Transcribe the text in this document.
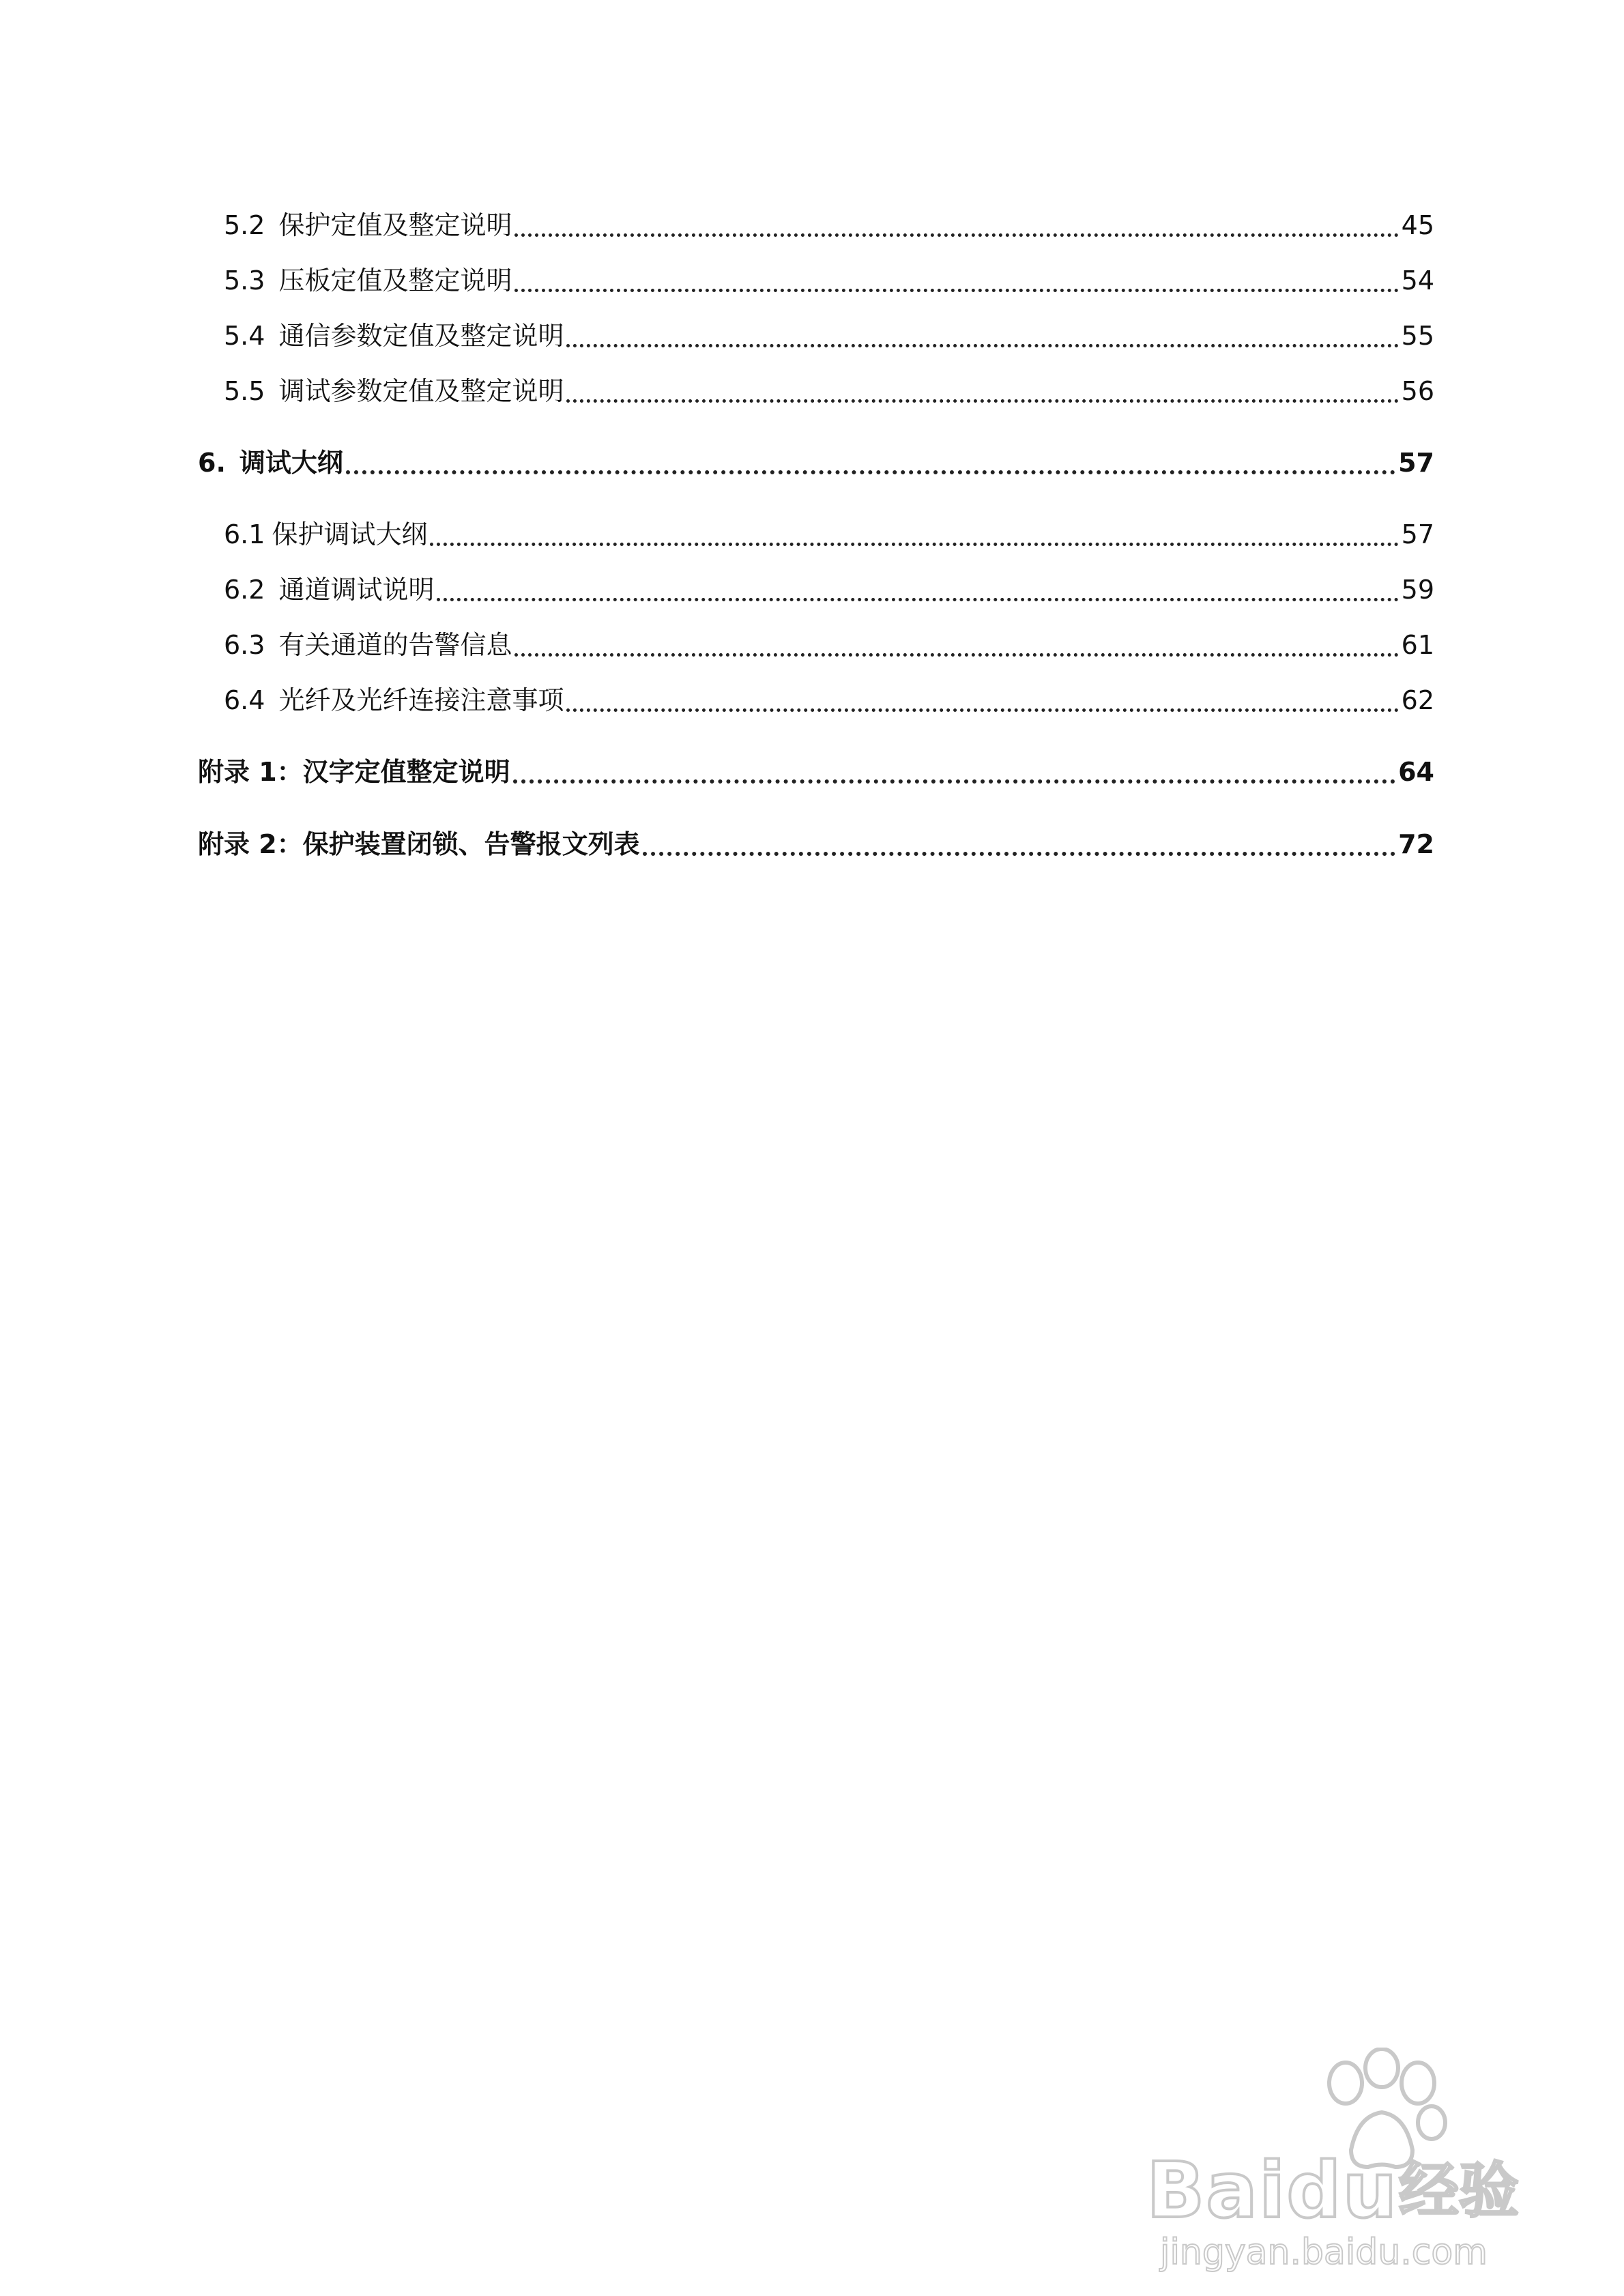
5.2 保护定值及整定说明	45
5.3 压板定值及整定说明	54
5.4 通信参数定值及整定说明	55
5.5 调试参数定值及整定说明	56
6. 调试大纲	57
6.1 保护调试大纲	57
6.2 通道调试说明	59
6.3 有关通道的告警信息	61
6.4 光纤及光纤连接注意事项	62
附录 1： 汉字定值整定说明	64
附录 2： 保护装置闭锁、告警报文列表	72
Baidu 经验
jingyan.baidu.com
